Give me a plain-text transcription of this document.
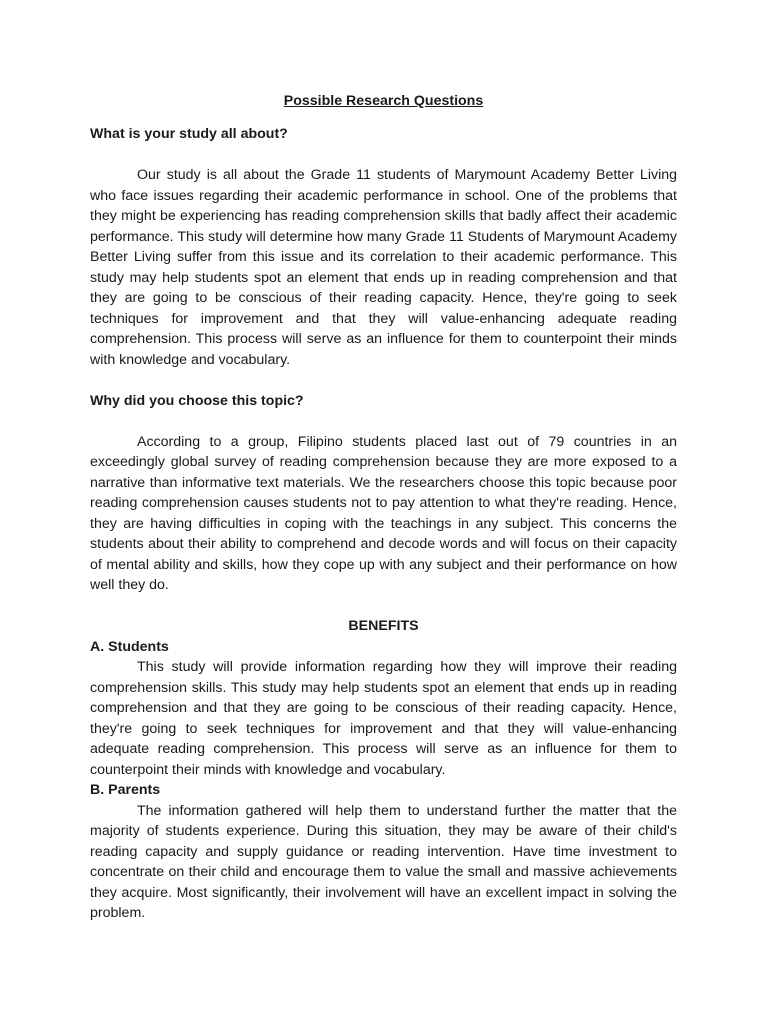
Possible Research Questions

What is your study all about?

Our study is all about the Grade 11 students of Marymount Academy Better Living who face issues regarding their academic performance in school. One of the problems that they might be experiencing has reading comprehension skills that badly affect their academic performance. This study will determine how many Grade 11 Students of Marymount Academy Better Living suffer from this issue and its correlation to their academic performance. This study may help students spot an element that ends up in reading comprehension and that they are going to be conscious of their reading capacity. Hence, they're going to seek techniques for improvement and that they will value-enhancing adequate reading comprehension. This process will serve as an influence for them to counterpoint their minds with knowledge and vocabulary.

Why did you choose this topic?

According to a group, Filipino students placed last out of 79 countries in an exceedingly global survey of reading comprehension because they are more exposed to a narrative than informative text materials. We the researchers choose this topic because poor reading comprehension causes students not to pay attention to what they're reading. Hence, they are having difficulties in coping with the teachings in any subject. This concerns the students about their ability to comprehend and decode words and will focus on their capacity of mental ability and skills, how they cope up with any subject and their performance on how well they do.

BENEFITS

A. Students

This study will provide information regarding how they will improve their reading comprehension skills. This study may help students spot an element that ends up in reading comprehension and that they are going to be conscious of their reading capacity. Hence, they're going to seek techniques for improvement and that they will value-enhancing adequate reading comprehension. This process will serve as an influence for them to counterpoint their minds with knowledge and vocabulary.

B. Parents

The information gathered will help them to understand further the matter that the majority of students experience. During this situation, they may be aware of their child's reading capacity and supply guidance or reading intervention. Have time investment to concentrate on their child and encourage them to value the small and massive achievements they acquire. Most significantly, their involvement will have an excellent impact in solving the problem.
